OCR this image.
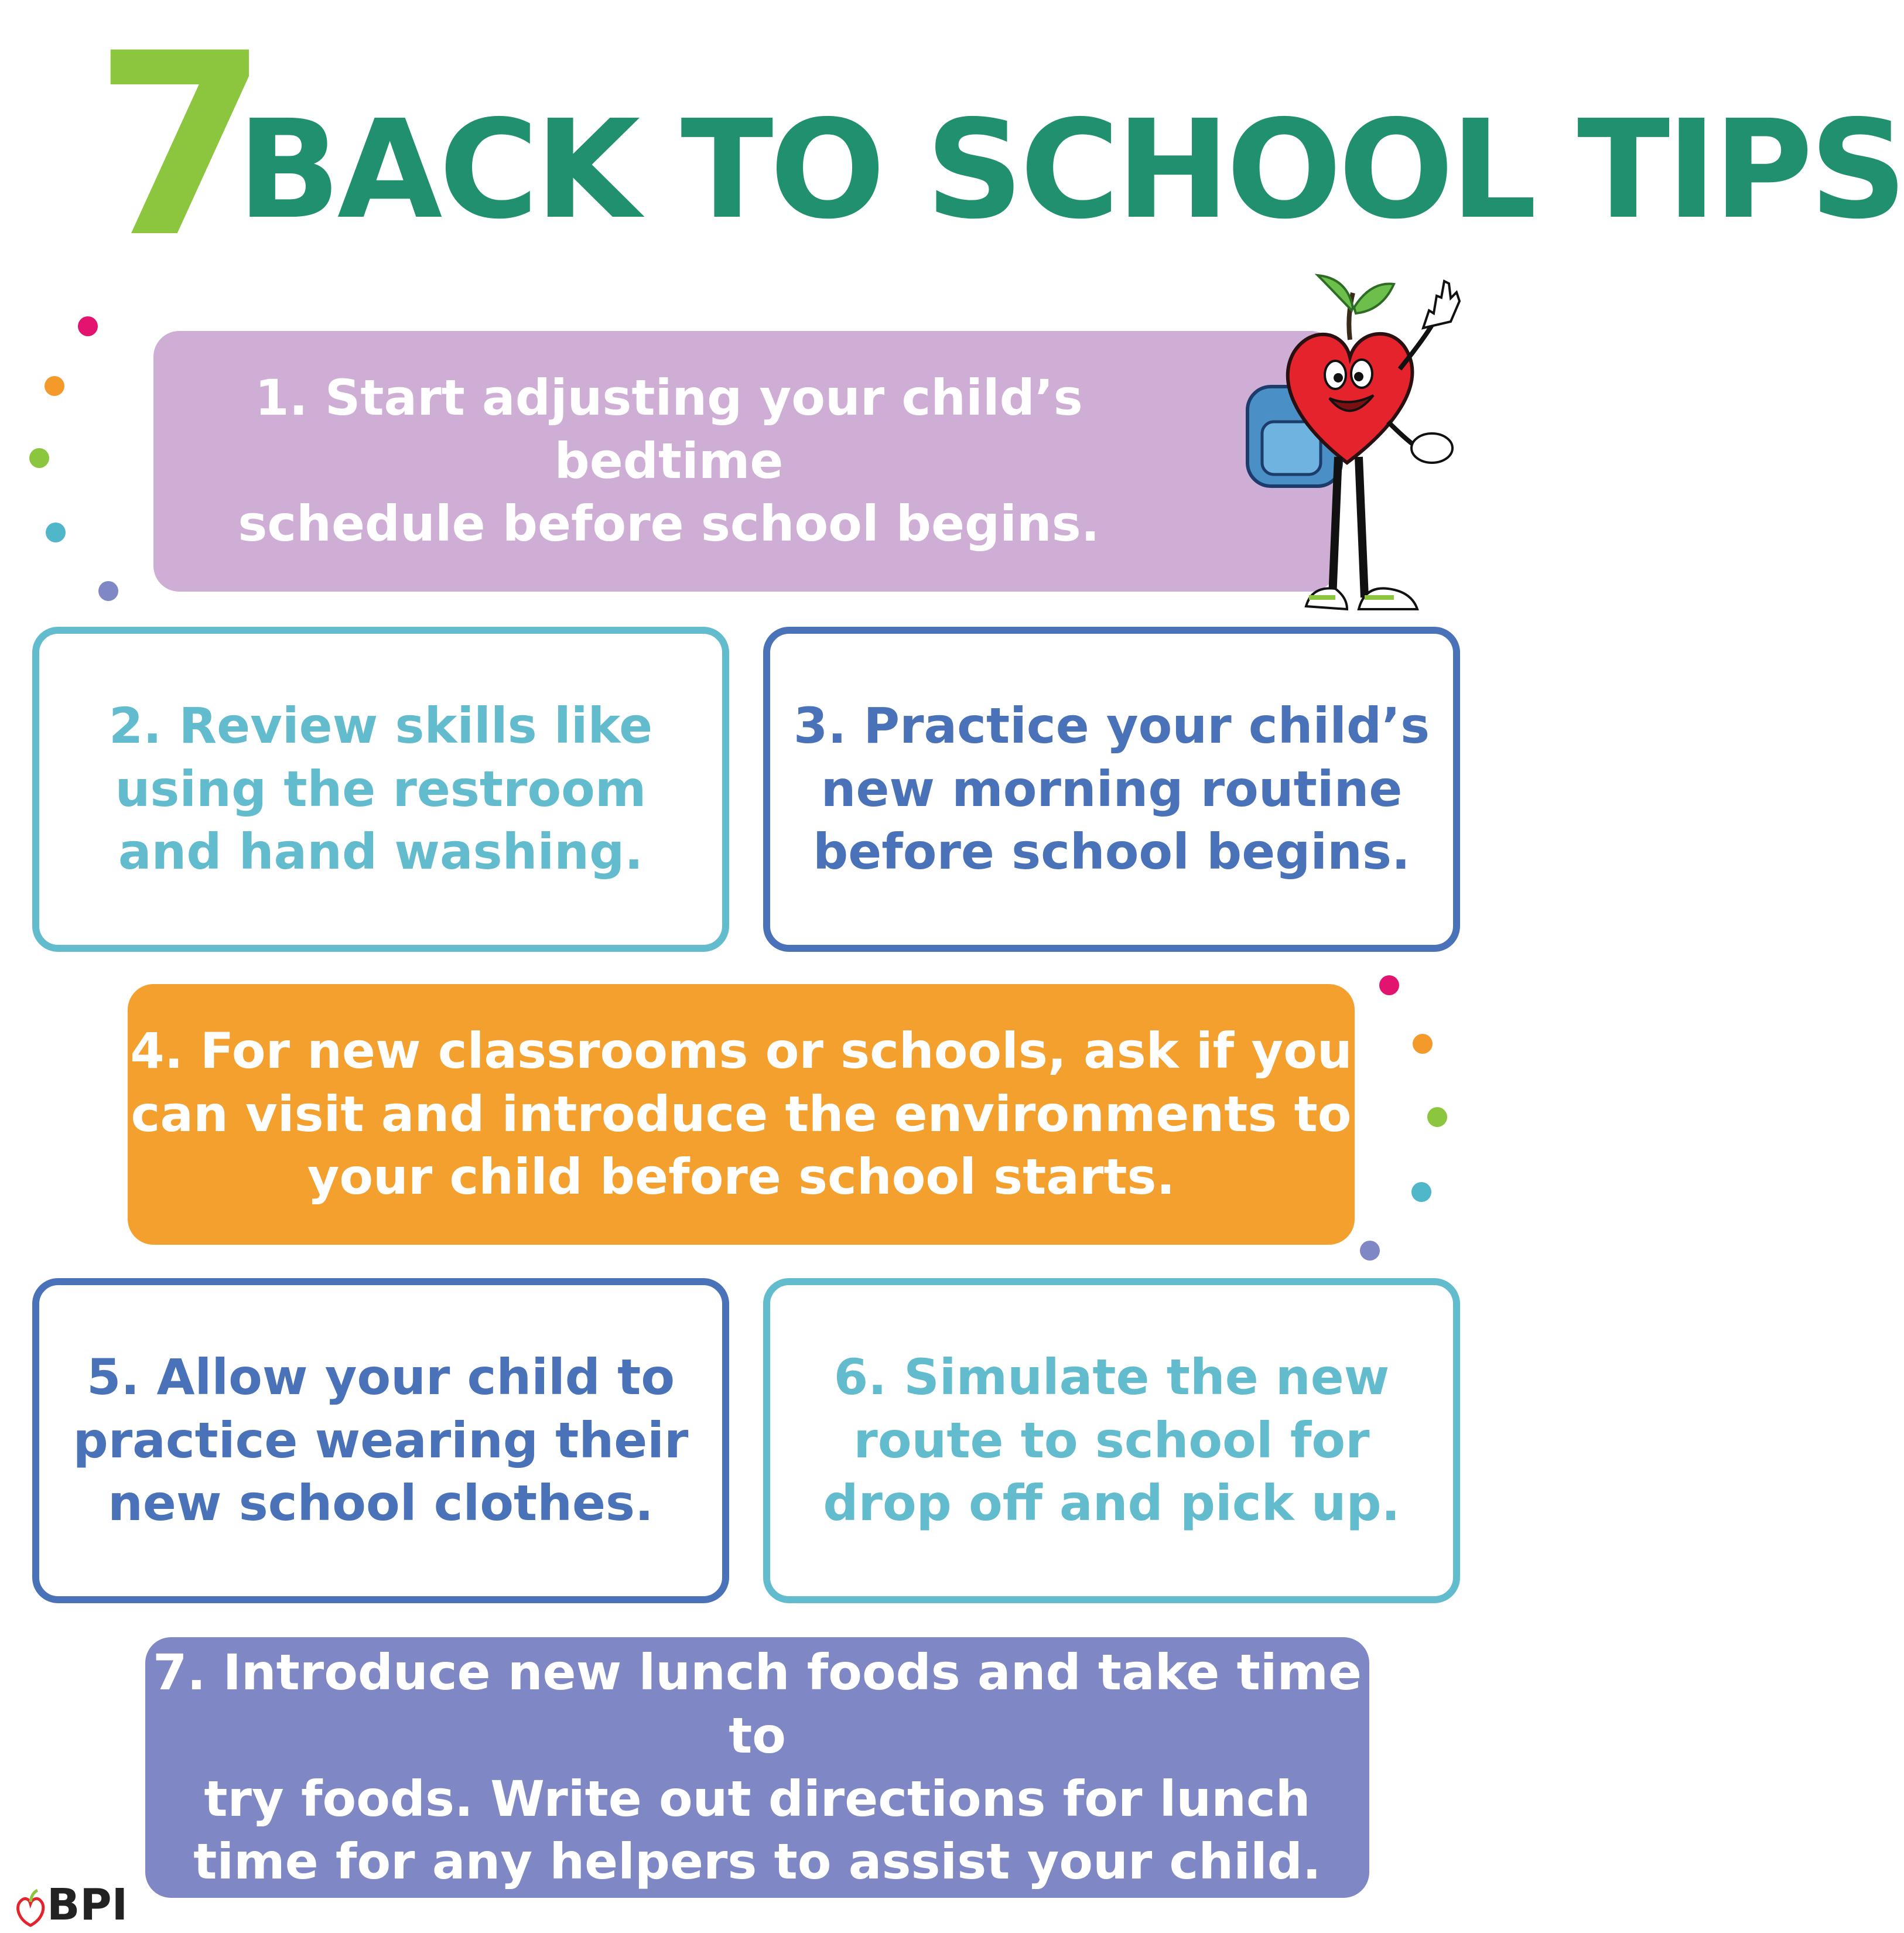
7
BACK TO SCHOOL TIPS
1. Start adjusting your child’s bedtime
schedule before school begins.
2. Review skills like
using the restroom
and hand washing.
3. Practice your child’s
new morning routine
before school begins.
4. For new classrooms or schools, ask if you
can visit and introduce the environments to
your child before school starts.
5. Allow your child to
practice wearing their
new school clothes.
6. Simulate the new
route to school for
drop off and pick up.
7. Introduce new lunch foods and take time to
try foods. Write out directions for lunch
time for any helpers to assist your child.
BPI
